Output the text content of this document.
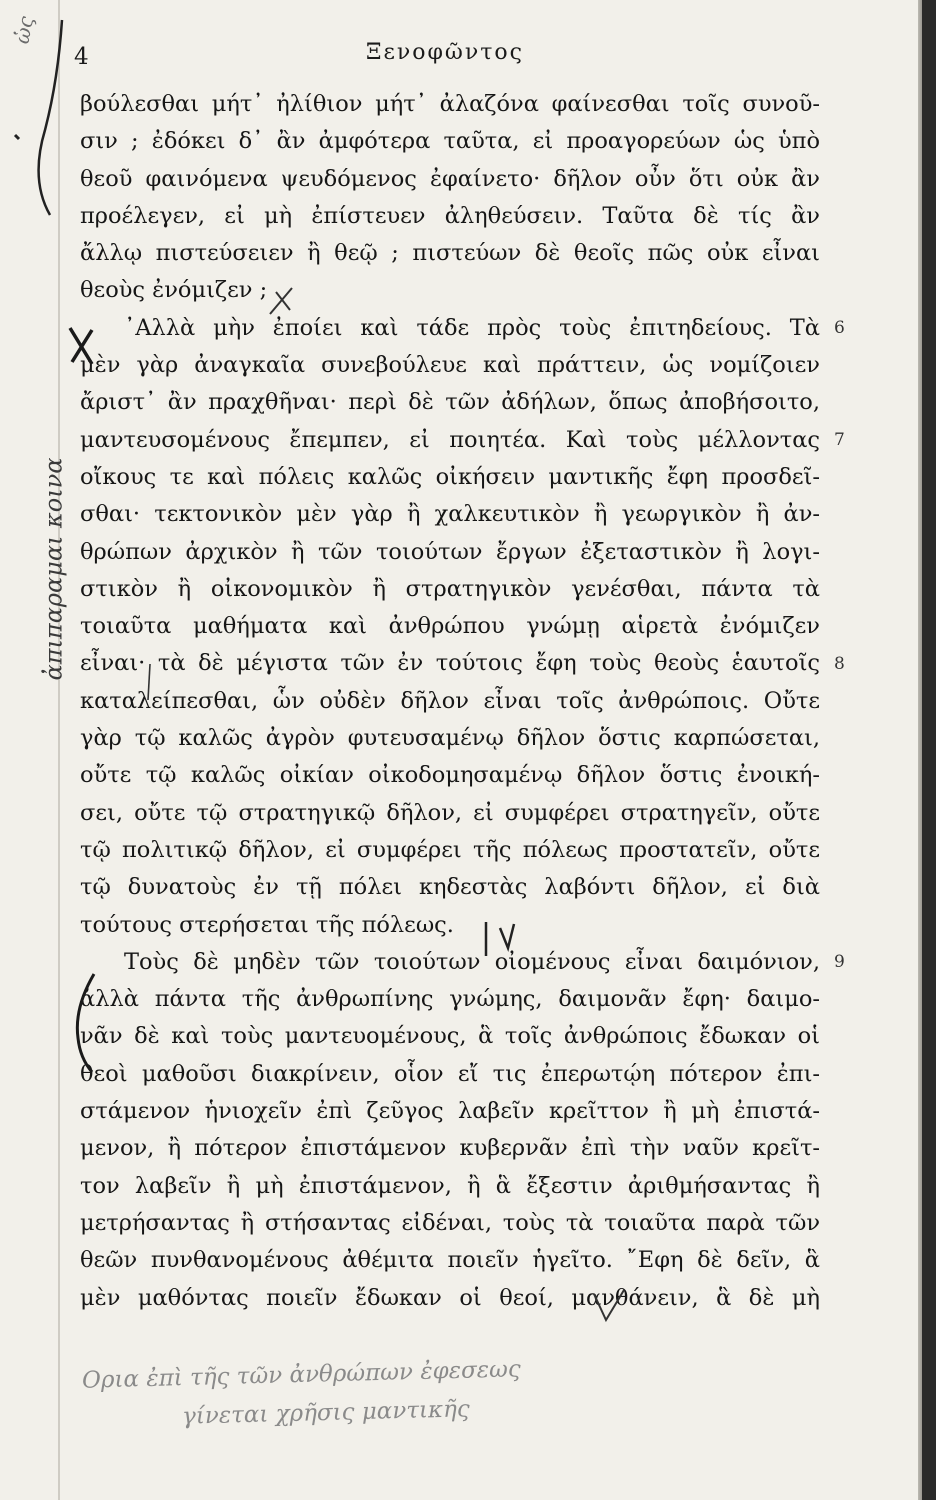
4	Ξενοφῶντος
βούλεσθαι μήτ᾽ ἠλίθιον μήτ᾽ ἀλαζόνα φαίνεσθαι τοῖς συνοῦ-
σιν ; ἐδόκει δ᾽ ἂν ἀμφότερα ταῦτα, εἰ προαγορεύων ὡς ὑπὸ
θεοῦ φαινόμενα ψευδόμενος ἐφαίνετο· δῆλον οὖν ὅτι οὐκ ἂν
προέλεγεν, εἰ μὴ ἐπίστευεν ἀληθεύσειν. Ταῦτα δὲ τίς ἂν
ἄλλῳ πιστεύσειεν ἢ θεῷ ; πιστεύων δὲ θεοῖς πῶς οὐκ εἶναι
θεοὺς ἐνόμιζεν ;
᾽Αλλὰ μὴν ἐποίει καὶ τάδε πρὸς τοὺς ἐπιτηδείους. Τὰ
μὲν γὰρ ἀναγκαῖα συνεβούλευε καὶ πράττειν, ὡς νομίζοιεν
ἄριστ᾽ ἂν πραχθῆναι· περὶ δὲ τῶν ἀδήλων, ὅπως ἀποβήσοιτο,
μαντευσομένους ἔπεμπεν, εἰ ποιητέα. Καὶ τοὺς μέλλοντας
οἴκους τε καὶ πόλεις καλῶς οἰκήσειν μαντικῆς ἔφη προσδεῖ-
σθαι· τεκτονικὸν μὲν γὰρ ἢ χαλκευτικὸν ἢ γεωργικὸν ἢ ἀν-
θρώπων ἀρχικὸν ἢ τῶν τοιούτων ἔργων ἐξεταστικὸν ἢ λογι-
στικὸν ἢ οἰκονομικὸν ἢ στρατηγικὸν γενέσθαι, πάντα τὰ
τοιαῦτα μαθήματα καὶ ἀνθρώπου γνώμῃ αἱρετὰ ἐνόμιζεν
εἶναι· τὰ δὲ μέγιστα τῶν ἐν τούτοις ἔφη τοὺς θεοὺς ἑαυτοῖς
καταλείπεσθαι, ὧν οὐδὲν δῆλον εἶναι τοῖς ἀνθρώποις. Οὔτε
γὰρ τῷ καλῶς ἀγρὸν φυτευσαμένῳ δῆλον ὅστις καρπώσεται,
οὔτε τῷ καλῶς οἰκίαν οἰκοδομησαμένῳ δῆλον ὅστις ἐνοική-
σει, οὔτε τῷ στρατηγικῷ δῆλον, εἰ συμφέρει στρατηγεῖν, οὔτε
τῷ πολιτικῷ δῆλον, εἰ συμφέρει τῆς πόλεως προστατεῖν, οὔτε
τῷ δυνατοὺς ἐν τῇ πόλει κηδεστὰς λαβόντι δῆλον, εἰ διὰ
τούτους στερήσεται τῆς πόλεως.
Τοὺς δὲ μηδὲν τῶν τοιούτων οἰομένους εἶναι δαιμόνιον,
ἀλλὰ πάντα τῆς ἀνθρωπίνης γνώμης, δαιμονᾶν ἔφη· δαιμο-
νᾶν δὲ καὶ τοὺς μαντευομένους, ἃ τοῖς ἀνθρώποις ἔδωκαν οἱ
θεοὶ μαθοῦσι διακρίνειν, οἷον εἴ τις ἐπερωτῴη πότερον ἐπι-
στάμενον ἡνιοχεῖν ἐπὶ ζεῦγος λαβεῖν κρεῖττον ἢ μὴ ἐπιστά-
μενον, ἢ πότερον ἐπιστάμενον κυβερνᾶν ἐπὶ τὴν ναῦν κρεῖτ-
τον λαβεῖν ἢ μὴ ἐπιστάμενον, ἢ ἃ ἔξεστιν ἀριθμήσαντας ἢ
μετρήσαντας ἢ στήσαντας εἰδέναι, τοὺς τὰ τοιαῦτα παρὰ τῶν
θεῶν πυνθανομένους ἀθέμιτα ποιεῖν ἡγεῖτο. ῎Εφη δὲ δεῖν, ἃ
μὲν μαθόντας ποιεῖν ἔδωκαν οἱ θεοί, μανθάνειν, ἃ δὲ μὴ
6
7
8
9
ὡς
ἀπιπαραμαι κοινα
Ορια ἐπὶ τῆς τῶν ἀνθρώπων ἐφεσεως
γίνεται χρῆσις μαντικῆς
